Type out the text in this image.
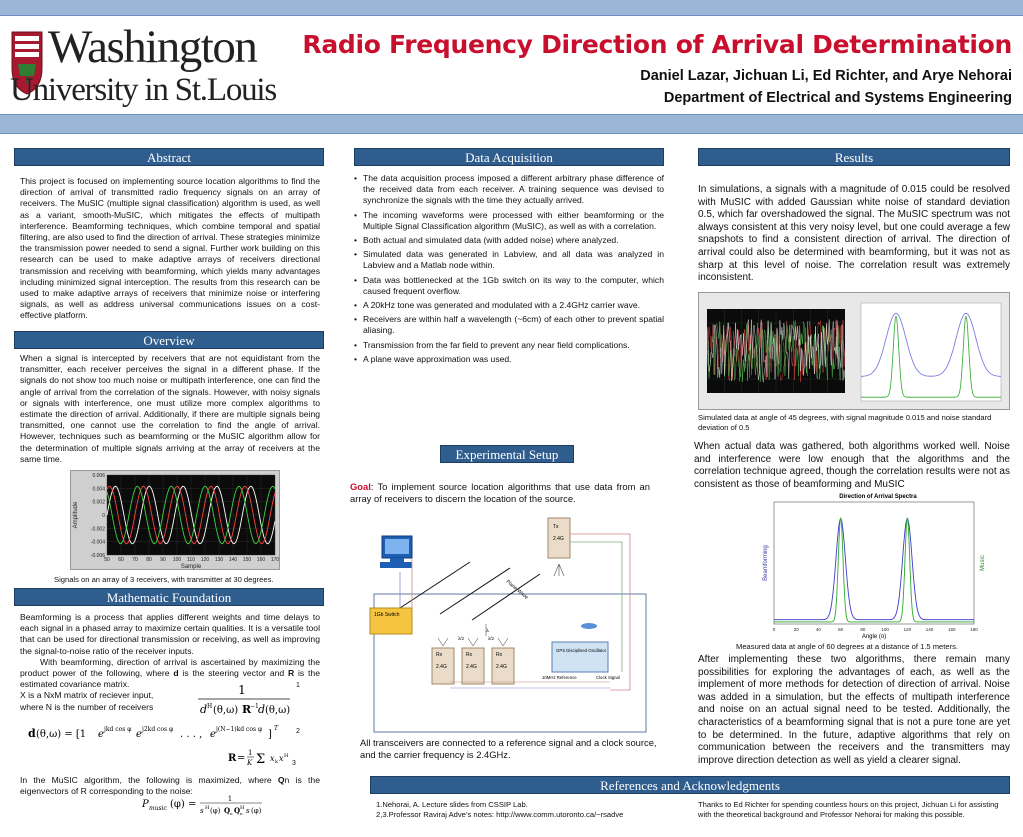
Washington
University in St.Louis
Radio Frequency Direction of Arrival Determination
Daniel Lazar, Jichuan Li, Ed Richter, and Arye Nehorai
Department of Electrical and Systems Engineering
Abstract
This project is focused on implementing source location algorithms to find the direction of arrival of transmitted radio frequency signals on an array of receivers. The MuSIC (multiple signal classification) algorithm is used, as well as a variant, smooth-MuSIC, which mitigates the effects of multipath interference. Beamforming techniques, which combine temporal and spatial filtering, are also used to find the direction of arrival. These strategies minimize the transmission power needed to send a signal. Further work building on this research can be used to make adaptive arrays of receivers directional transmission and receiving with beamforming, which yields many advantages including minimized signal interception. The results from this research can be used to make adaptive arrays of receivers that minimize noise or interfering signals, as well as address universal communications issues on a cost-effective platform.
Overview
When a signal is intercepted by receivers that are not equidistant from the transmitter, each receiver perceives the signal in a different phase. If the signals do not show too much noise or multipath interference, one can find the angle of arrival from the correlation of the signals. However, with noisy signals or signals with interference, one must utilize more complex algorithms to estimate the direction of arrival. Additionally, if there are multiple signals being transmitted, one cannot use the correlation to find the angle of arrival. However, techniques such as beamforming or the MuSIC algorithm allow for the determination of multiple signals arriving at the array of receivers at the same time.
0.006
0.004
0.002
0
-0.002
-0.004
-0.006
50 60 70 80 90 100 110 120 130 140 150 160 170
Sample
Amplitude
Signals on an array of 3 receivers, with transmitter at 30 degrees.
Mathematic Foundation

Beamforming is a process that applies different weights and time delays to each signal in a phased array to maximize certain qualities. It is a versatile tool that can be used for directional transmission or receiving, as well as improving the signal-to-noise ratio of the receiver inputs.

With beamforming, direction of arrival is ascertained by maximizing the product power of the following, where d is the steering vector and R is the estimated covariance matrix.

X is a NxM matrix of reciever input,

where N is the number of receivers

1
d H (θ,ω) R
−1 d (θ,ω)
1
d (θ,ω) = [1 e jkd cos φ e j2kd cos φ . . . , e j(N−1)kd cos φ ]
T	2
R = 1
K Σ x k x H
3

In the MuSIC algorithm, the following is maximized, where Qn is the eigenvectors of R corresponding to the noise:

P music (φ) =	1
s H (φ) Q n Q n
H s (φ)
Data Acquisition
• The data acquisition process imposed a different arbitrary phase difference of the received data from each receiver. A training sequence was devised to synchronize the signals with the time they actually arrived.
• The incoming waveforms were processed with either beamforming or the Multiple Signal Classification algorithm (MuSIC), as well as with a correlation.
• Both actual and simulated data (with added noise) where analyzed.
• Simulated data was generated in Labview, and all data was analyzed in Labview and a Matlab node within.
• Data was bottlenecked at the 1Gb switch on its way to the computer, which caused frequent overflow.
• A 20kHz tone was generated and modulated with a 2.4GHz carrier wave.
• Receivers are within half a wavelength (~6cm) of each other to prevent spatial aliasing.
• Transmission from the far field to prevent any near field complications.
• A plane wave approximation was used.
Experimental Setup
Goal: To implement source location algorithms that use data from an array of receivers to discern the location of the source.
Tx
2.4G
Plane Wave
1Gb Switch
Rx
2.4G
Rx
2.4G
Rx
2.4G
λ/2	λ/2
λ
GPS Disciplined Oscillator
10MHz Reference	Clock Signal
All transceivers are connected to a reference signal and a clock source, and the carrier frequency is 2.4GHz.
Results
In simulations, a signals with a magnitude of 0.015 could be resolved with MuSIC with added Gaussian white noise of standard deviation 0.5, which far overshadowed the signal. The MuSIC spectrum was not always consistent at this very noisy level, but one could average a few snapshots to find a consistent direction of arrival. The direction of arrival could also be determined with beamforming, but it was not as sharp at this level of noise. The correlation result was extremely inconsistent.
Simulated data at angle of 45 degrees, with signal magnitude 0.015 and noise standard deviation of 0.5
When actual data was gathered, both algorithms worked well. Noise and interference were low enough that the algorithms and the correlation technique agreed, though the correlation results were not as consistent as those of beamforming and MuSIC
Direction of Arrival Spectra
0	20	40	60	80	100	120	140	160	180
Angle (o)
Beamforming	Music
Measured data at angle of 60 degrees at a distance of 1.5 meters.
After implementing these two algorithms, there remain many possibilities for exploring the advantages of each, as well as the implement of more methods for detection of direction of arrival. Noise was added in a simulation, but the effects of multipath interference and noise on an actual signal need to be tested. Additionally, the characteristics of a beamforming signal that is not a pure tone are yet to be determined. In the future, adaptive algorithms that rely on communication between the receivers and the transmitters may improve direction detection as well as yield a clearer signal.
References and Acknowledgments
1.Nehorai, A. Lecture slides from CSSIP Lab.
2,3.Professor Raviraj Adve’s notes: http://www.comm.utoronto.ca/~rsadve
Thanks to Ed Richter for spending countless hours on this project, Jichuan Li for assisting with the theoretical background and Professor Nehorai for making this possible.
